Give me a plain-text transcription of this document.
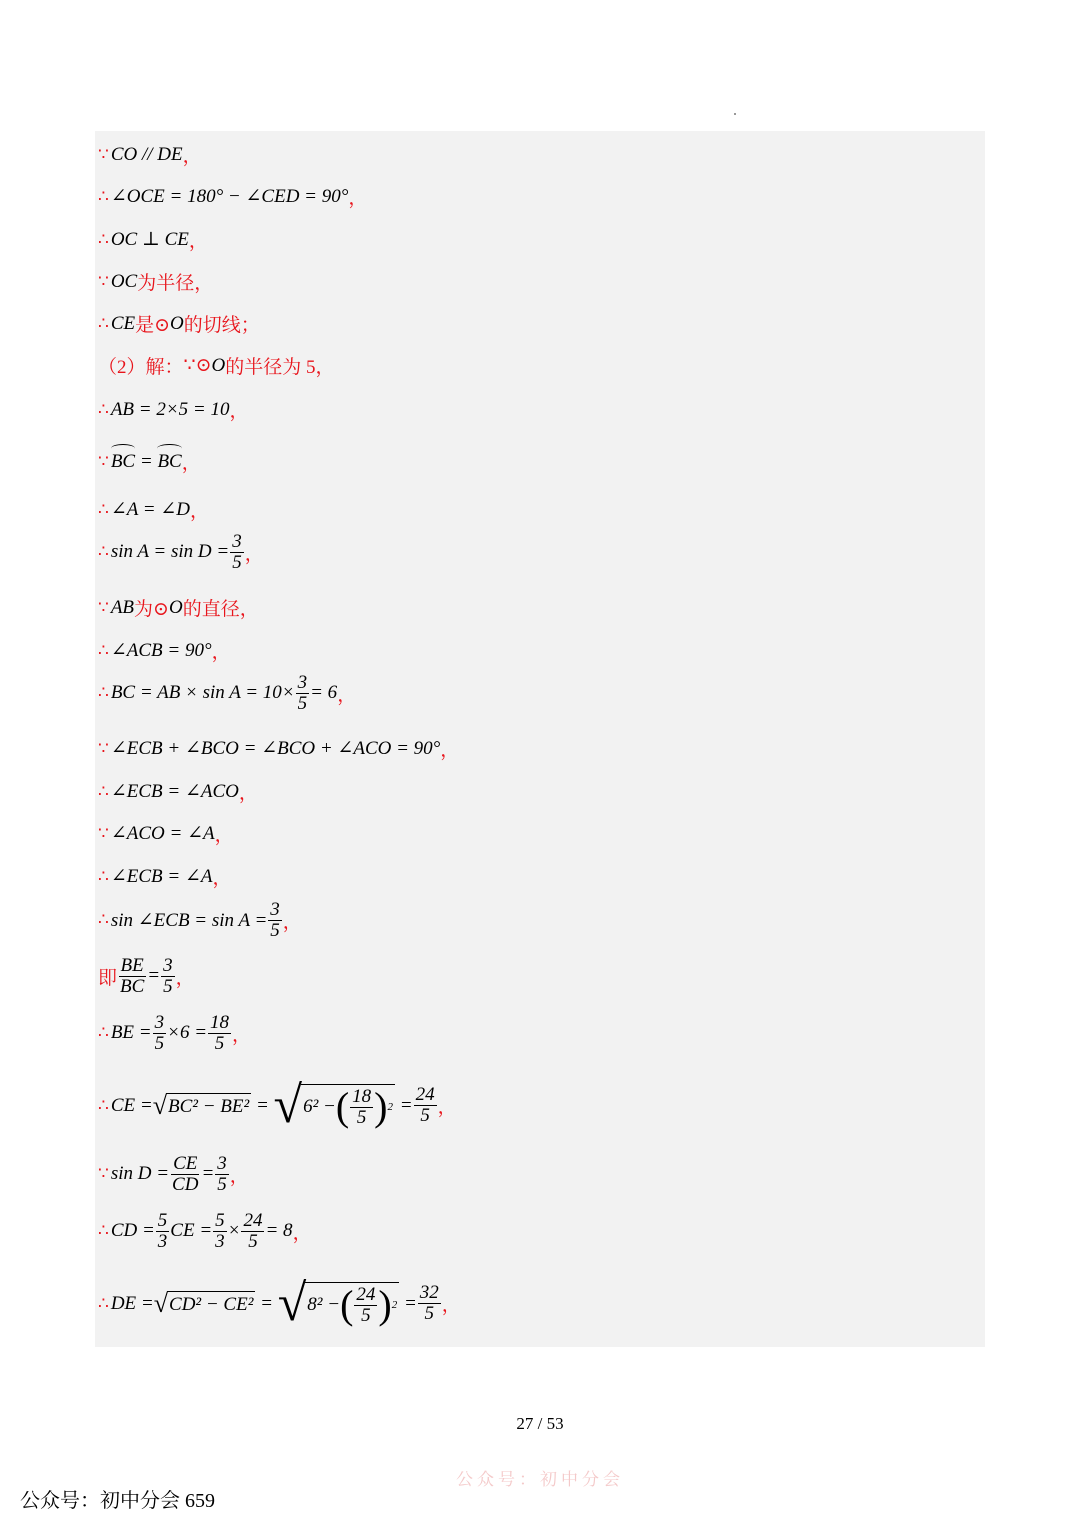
∵ CO // DE ，
∴ ∠OCE = 180° − ∠CED = 90° ，
∴ OC ⊥ CE ，
∵ OC 为半径，
∴ CE 是⊙ O 的切线；
（2）解： ∵⊙ O 的半径为 5，
∴ AB = 2×5 = 10 ，
∵ BC
=
BC ，
∴ ∠A = ∠D ，
∴ $\sin A = \sin D = \frac{3}{5}$ ，
∵ AB 为⊙ O 的直径，
∴ ∠ACB = 90° ，
∴ BC = AB × $\sin A = 10\times \frac{3}{5} = 6$ ，
∵ ∠ECB + ∠BCO = ∠BCO + ∠ACO = 90° ，
∴ ∠ECB = ∠ACO ，
∵ ∠ACO = ∠A ，
∴ ∠ECB = ∠A ，
∴ sin ∠ECB = $\sin A = \frac{3}{5}$ ，
即 $\frac{BE}{BC} = \frac{3}{5}$ ，
∴ BE = $\frac{3}{5} \times 6 = \frac{18}{5}$ ，
∴ CE = √ BC² − BE²
=
√ 6²
− ( $\frac{18}{5}$ ) 2
= $\frac{24}{5}$ ，
∵ $\sin D = \frac{CE}{CD} = \frac{3}{5}$ ，
∴ CD = $\frac{5}{3}$ CE = $\frac{5}{3} \times \frac{24}{5} = 8$ ，
∴ DE = √ CD² − CE²
=
√ 8²
− ( $\frac{24}{5}$ ) 2
= $\frac{32}{5}$ ，
27 / 53
公众号：初中分会
公众号：初中分会 659
